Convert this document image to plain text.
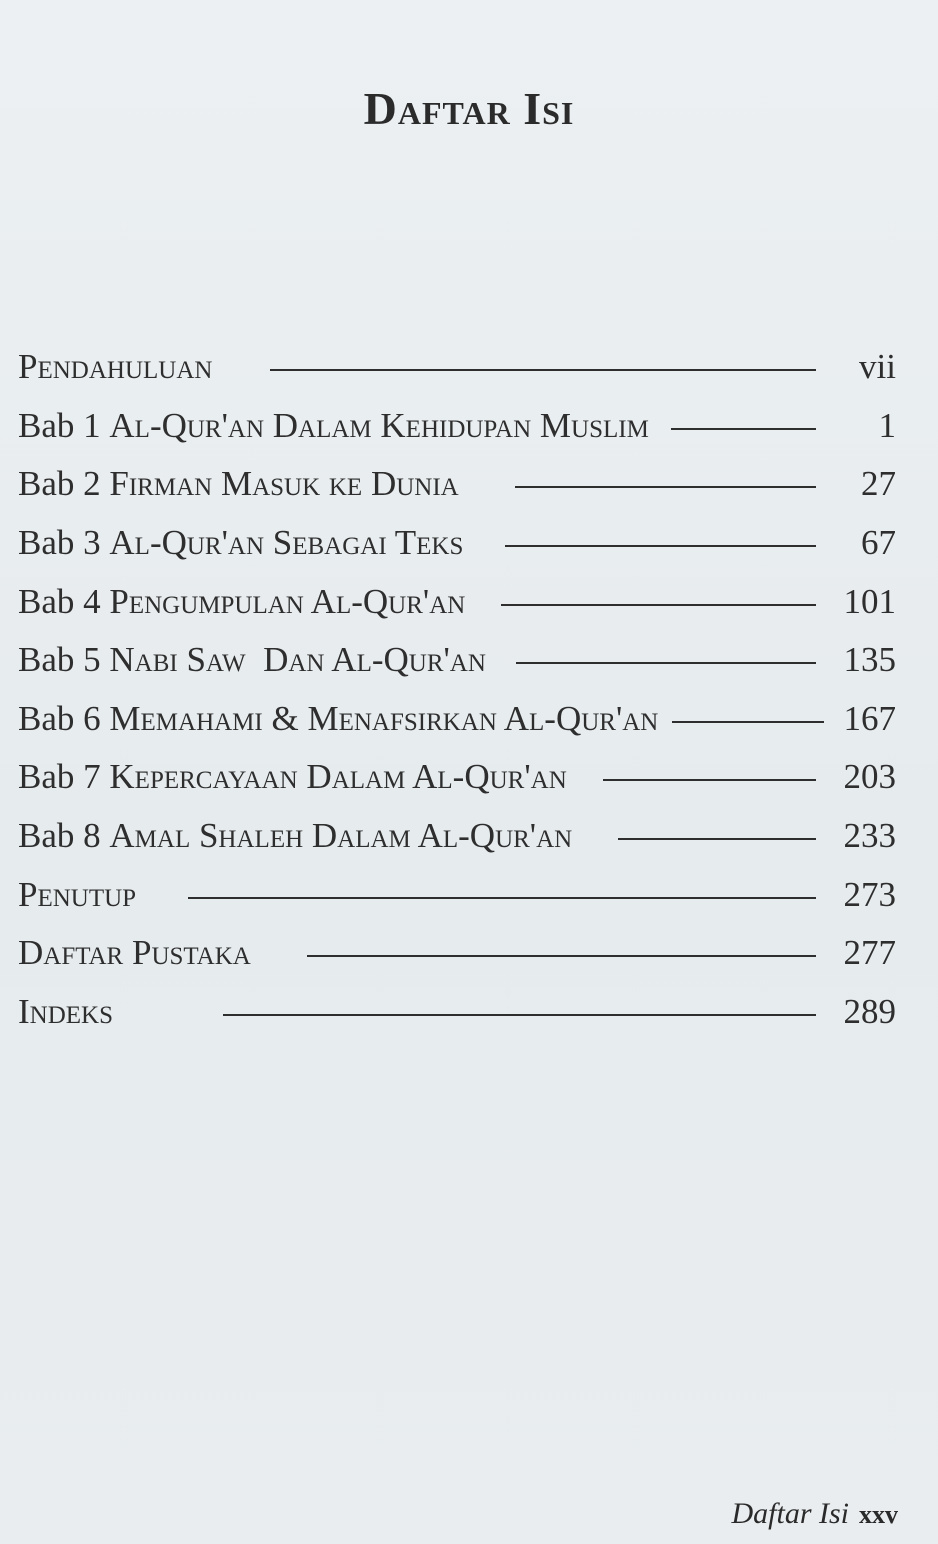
Daftar Isi
Pendahuluan	vii
Bab 1 Al-Qur'an Dalam Kehidupan Muslim	1
Bab 2 Firman Masuk ke Dunia	27
Bab 3 Al-Qur'an Sebagai Teks	67
Bab 4 Pengumpulan Al-Qur'an	101
Bab 5 Nabi Saw  Dan Al-Qur'an	135
Bab 6 Memahami & Menafsirkan Al-Qur'an	167
Bab 7 Kepercayaan Dalam Al-Qur'an	203
Bab 8 Amal Shaleh Dalam Al-Qur'an	233
Penutup	273
Daftar Pustaka	277
Indeks	289
Daftar Isi xxv
